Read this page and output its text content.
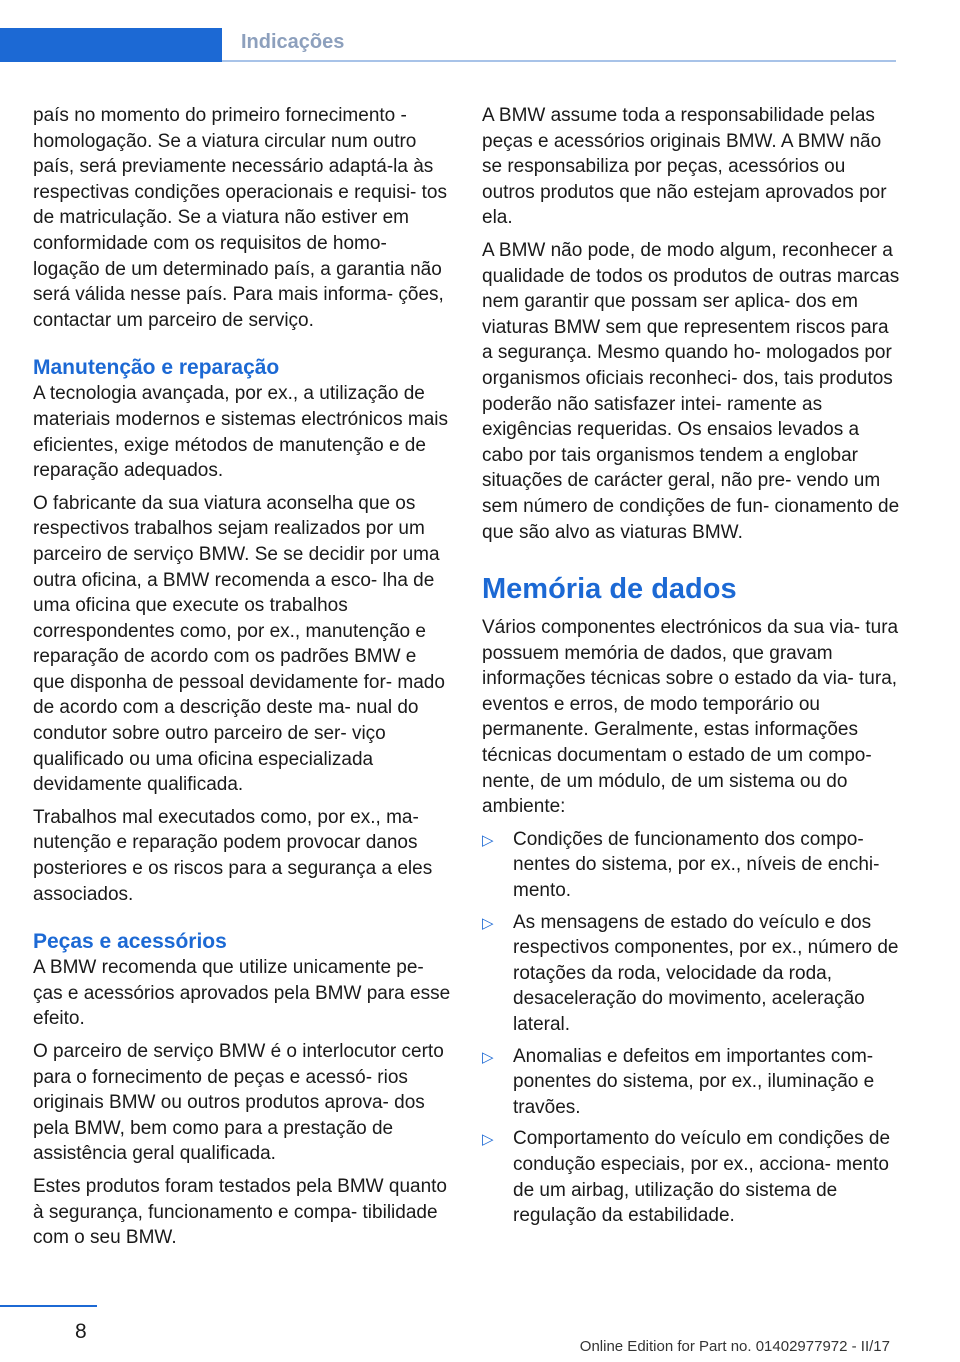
Indicações

país no momento do primeiro fornecimento - homologação. Se a viatura circular num outro país, será previamente necessário adaptá-la às respectivas condições operacionais e requisi‐ tos de matriculação. Se a viatura não estiver em conformidade com os requisitos de homo‐ logação de um determinado país, a garantia não será válida nesse país. Para mais informa‐ ções, contactar um parceiro de serviço.

Manutenção e reparação

A tecnologia avançada, por ex., a utilização de materiais modernos e sistemas electrónicos mais eficientes, exige métodos de manutenção e de reparação adequados.

O fabricante da sua viatura aconselha que os respectivos trabalhos sejam realizados por um parceiro de serviço BMW. Se se decidir por uma outra oficina, a BMW recomenda a esco‐ lha de uma oficina que execute os trabalhos correspondentes como, por ex., manutenção e reparação de acordo com os padrões BMW e que disponha de pessoal devidamente for‐ mado de acordo com a descrição deste ma‐ nual do condutor sobre outro parceiro de ser‐ viço qualificado ou uma oficina especializada devidamente qualificada.

Trabalhos mal executados como, por ex., ma‐ nutenção e reparação podem provocar danos posteriores e os riscos para a segurança a eles associados.

Peças e acessórios

A BMW recomenda que utilize unicamente pe‐ ças e acessórios aprovados pela BMW para esse efeito.

O parceiro de serviço BMW é o interlocutor certo para o fornecimento de peças e acessó‐ rios originais BMW ou outros produtos aprova‐ dos pela BMW, bem como para a prestação de assistência geral qualificada.

Estes produtos foram testados pela BMW quanto à segurança, funcionamento e compa‐ tibilidade com o seu BMW.

A BMW assume toda a responsabilidade pelas peças e acessórios originais BMW. A BMW não se responsabiliza por peças, acessórios ou outros produtos que não estejam aprovados por ela.

A BMW não pode, de modo algum, reconhecer a qualidade de todos os produtos de outras marcas nem garantir que possam ser aplica‐ dos em viaturas BMW sem que representem riscos para a segurança. Mesmo quando ho‐ mologados por organismos oficiais reconheci‐ dos, tais produtos poderão não satisfazer intei‐ ramente as exigências requeridas. Os ensaios levados a cabo por tais organismos tendem a englobar situações de carácter geral, não pre‐ vendo um sem número de condições de fun‐ cionamento de que são alvo as viaturas BMW.

Memória de dados

Vários componentes electrónicos da sua via‐ tura possuem memória de dados, que gravam informações técnicas sobre o estado da via‐ tura, eventos e erros, de modo temporário ou permanente. Geralmente, estas informações técnicas documentam o estado de um compo‐ nente, de um módulo, de um sistema ou do ambiente:

▷ Condições de funcionamento dos compo‐ nentes do sistema, por ex., níveis de enchi‐ mento.
▷ As mensagens de estado do veículo e dos respectivos componentes, por ex., número de rotações da roda, velocidade da roda, desaceleração do movimento, aceleração lateral.
▷ Anomalias e defeitos em importantes com‐ ponentes do sistema, por ex., iluminação e travões.
▷ Comportamento do veículo em condições de condução especiais, por ex., acciona‐ mento de um airbag, utilização do sistema de regulação da estabilidade.
8
Online Edition for Part no. 01402977972 - II/17
